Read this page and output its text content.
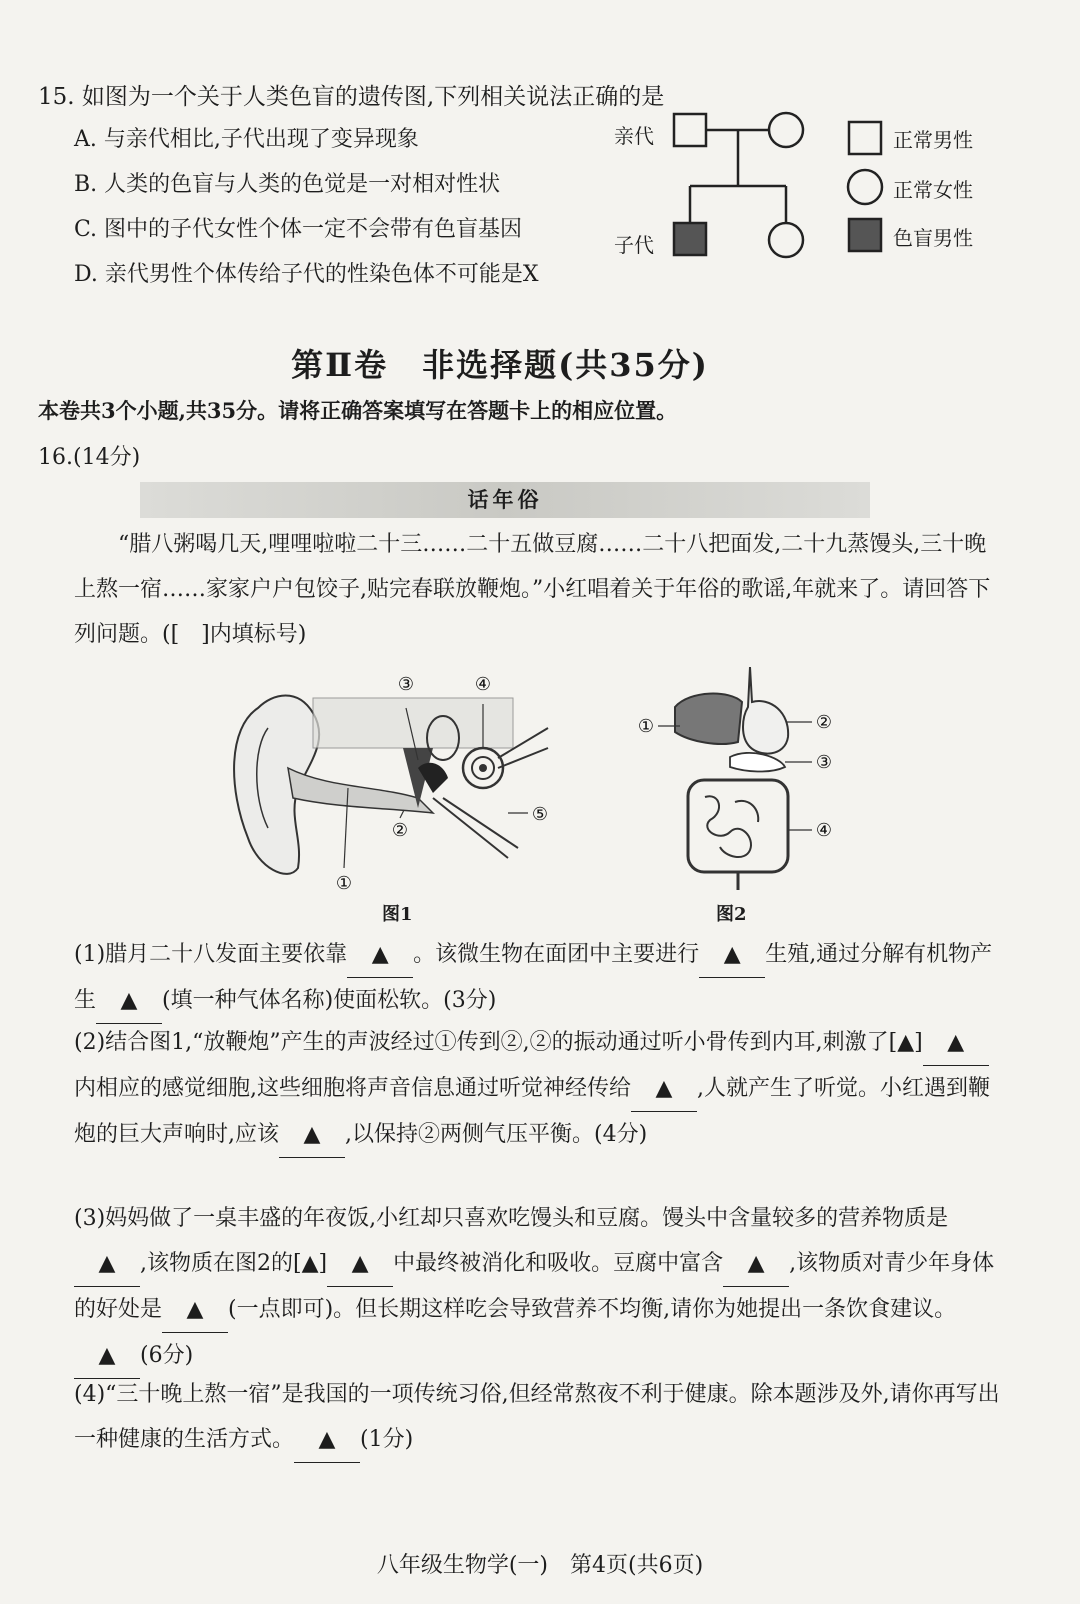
15. 如图为一个关于人类色盲的遗传图,下列相关说法正确的是
A. 与亲代相比,子代出现了变异现象
B. 人类的色盲与人类的色觉是一对相对性状
C. 图中的子代女性个体一定不会带有色盲基因
D. 亲代男性个体传给子代的性染色体不可能是X
亲代
子代
正常男性
正常女性
色盲男性
第Ⅱ卷　非选择题(共35分)
本卷共3个小题,共35分。请将正确答案填写在答题卡上的相应位置。
16.(14分)
话年俗
“腊八粥喝几天,哩哩啦啦二十三……二十五做豆腐……二十八把面发,二十九蒸馒头,三十晚上熬一宿……家家户户包饺子,贴完春联放鞭炮。”小红唱着关于年俗的歌谣,年就来了。请回答下列问题。([　]内填标号)
①
②
③	④
⑤
图1
①	②
③
④
图2
(1)腊月二十八发面主要依靠 ▲ 。该微生物在面团中主要进行 ▲ 生殖,通过分解有机物产生 ▲ (填一种气体名称)使面松软。(3分)
(2)结合图1,“放鞭炮”产生的声波经过①传到②,②的振动通过听小骨传到内耳,刺激了[▲] ▲内相应的感觉细胞,这些细胞将声音信息通过听觉神经传给 ▲ ,人就产生了听觉。小红遇到鞭炮的巨大声响时,应该 ▲ ,以保持②两侧气压平衡。(4分)
(3)妈妈做了一桌丰盛的年夜饭,小红却只喜欢吃馒头和豆腐。馒头中含量较多的营养物质是▲ ,该物质在图2的[▲] ▲ 中最终被消化和吸收。豆腐中富含 ▲ ,该物质对青少年身体的好处是 ▲ (一点即可)。但长期这样吃会导致营养不均衡,请你为她提出一条饮食建议。▲ (6分)
(4)“三十晚上熬一宿”是我国的一项传统习俗,但经常熬夜不利于健康。除本题涉及外,请你再写出一种健康的生活方式。 ▲ (1分)
八年级生物学(一)　第4页(共6页)
